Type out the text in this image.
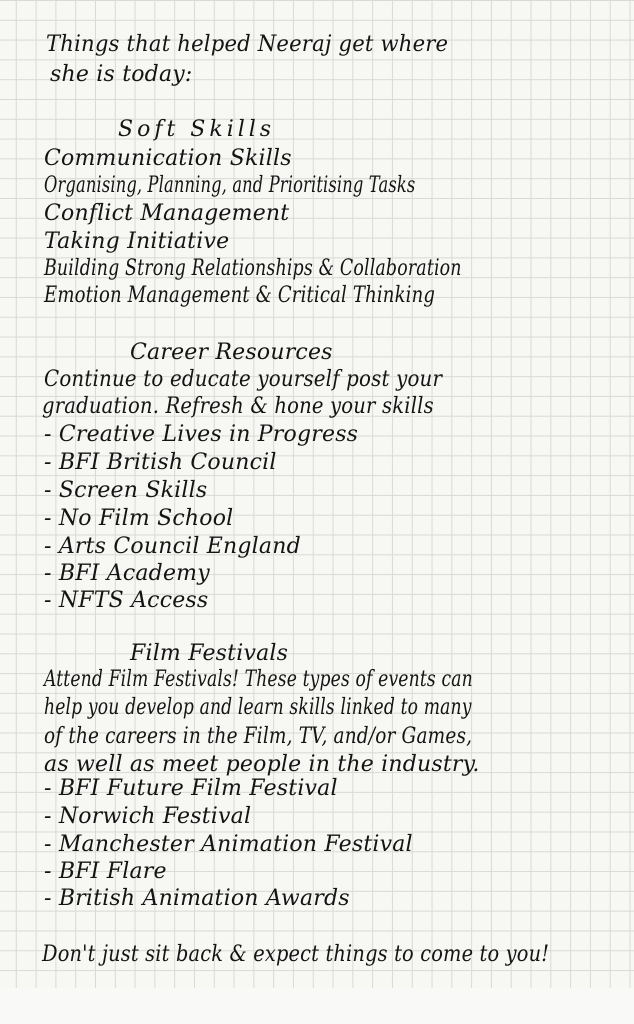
Things that helped Neeraj get where
she is today:
Soft Skills
Communication Skills
Organising, Planning, and Prioritising Tasks
Conflict Management
Taking Initiative
Building Strong Relationships & Collaboration
Emotion Management & Critical Thinking
Career Resources
Continue to educate yourself post your
graduation. Refresh & hone your skills
- Creative Lives in Progress
- BFI British Council
- Screen Skills
- No Film School
- Arts Council England
- BFI Academy
- NFTS Access
Film Festivals
Attend Film Festivals! These types of events can
help you develop and learn skills linked to many
of the careers in the Film, TV, and/or Games,
as well as meet people in the industry.
- BFI Future Film Festival
- Norwich Festival
- Manchester Animation Festival
- BFI Flare
- British Animation Awards
Don't just sit back & expect things to come to you!
